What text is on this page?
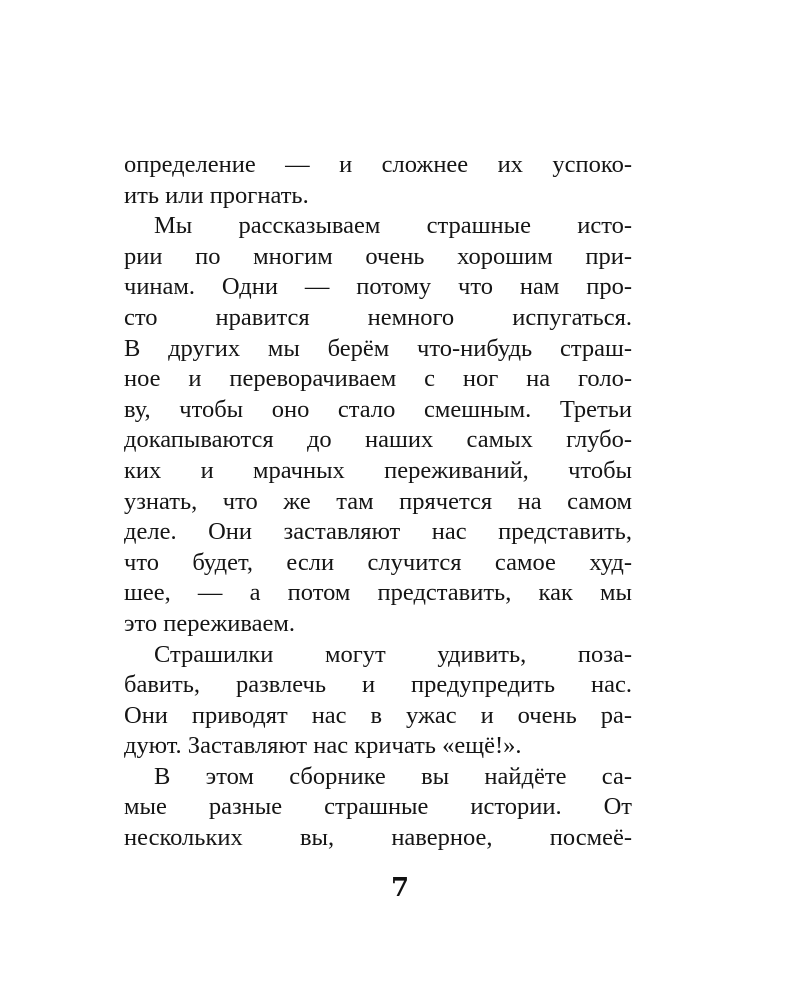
определение — и сложнее их успоко-
ить или прогнать.
Мы рассказываем страшные исто-
рии по многим очень хорошим при-
чинам. Одни — потому что нам про-
сто нравится немного испугаться.
В других мы берём что-нибудь страш-
ное и переворачиваем с ног на голо-
ву, чтобы оно стало смешным. Третьи
докапываются до наших самых глубо-
ких и мрачных переживаний, чтобы
узнать, что же там прячется на самом
деле. Они заставляют нас представить,
что будет, если случится самое худ-
шее, — а потом представить, как мы
это переживаем.
Страшилки могут удивить, поза-
бавить, развлечь и предупредить нас.
Они приводят нас в ужас и очень ра-
дуют. Заставляют нас кричать «ещё!».
В этом сборнике вы найдёте са-
мые разные страшные истории. От
нескольких вы, наверное, посмеё-
7
